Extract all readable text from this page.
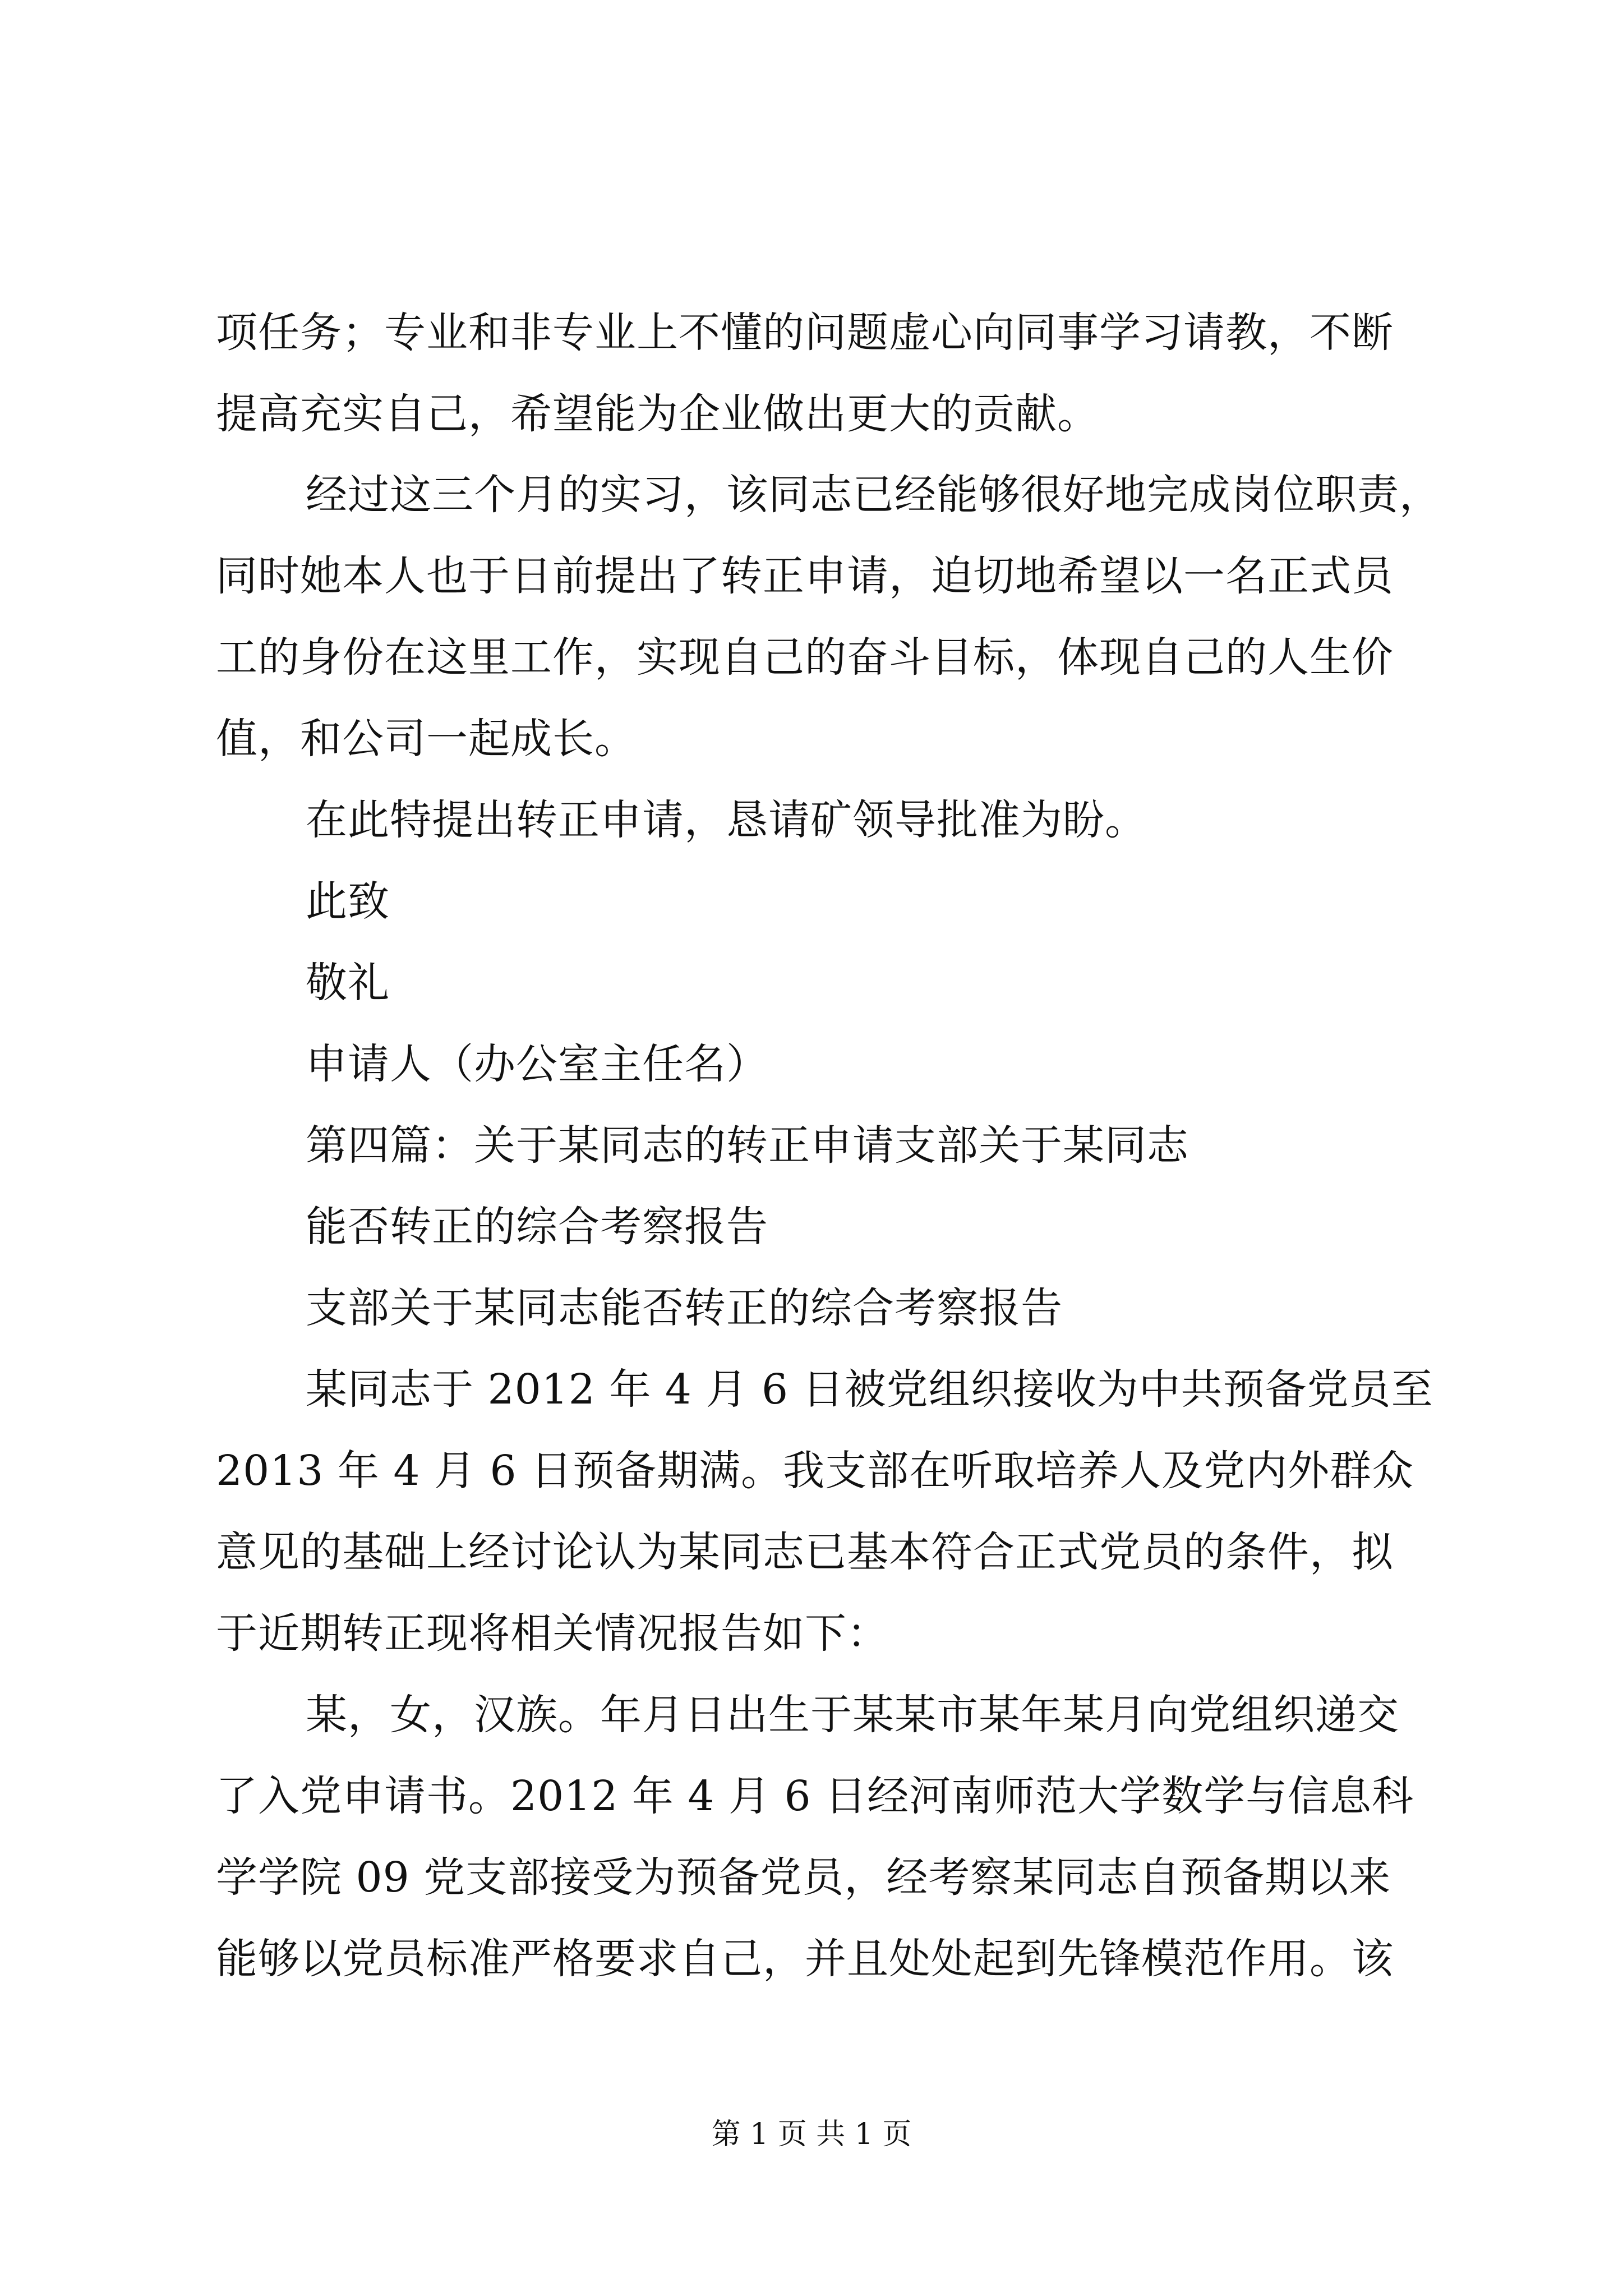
项任务；专业和非专业上不懂的问题虚心向同事学习请教，不断
提高充实自己，希望能为企业做出更大的贡献。
经过这三个月的实习，该同志已经能够很好地完成岗位职责，
同时她本人也于日前提出了转正申请，迫切地希望以一名正式员
工的身份在这里工作，实现自己的奋斗目标，体现自己的人生价
值，和公司一起成长。
在此特提出转正申请，恳请矿领导批准为盼。
此致
敬礼
申请人（办公室主任名）
第四篇：关于某同志的转正申请支部关于某同志
能否转正的综合考察报告
支部关于某同志能否转正的综合考察报告
某同志于 2012 年 4 月 6 日被党组织接收为中共预备党员至
2013 年 4 月 6 日预备期满。我支部在听取培养人及党内外群众
意见的基础上经讨论认为某同志已基本符合正式党员的条件，拟
于近期转正现将相关情况报告如下：
某，女，汉族。年月日出生于某某市某年某月向党组织递交
了入党申请书。2012 年 4 月 6 日经河南师范大学数学与信息科
学学院 09 党支部接受为预备党员，经考察某同志自预备期以来
能够以党员标准严格要求自己，并且处处起到先锋模范作用。该
第 1 页 共 1 页
